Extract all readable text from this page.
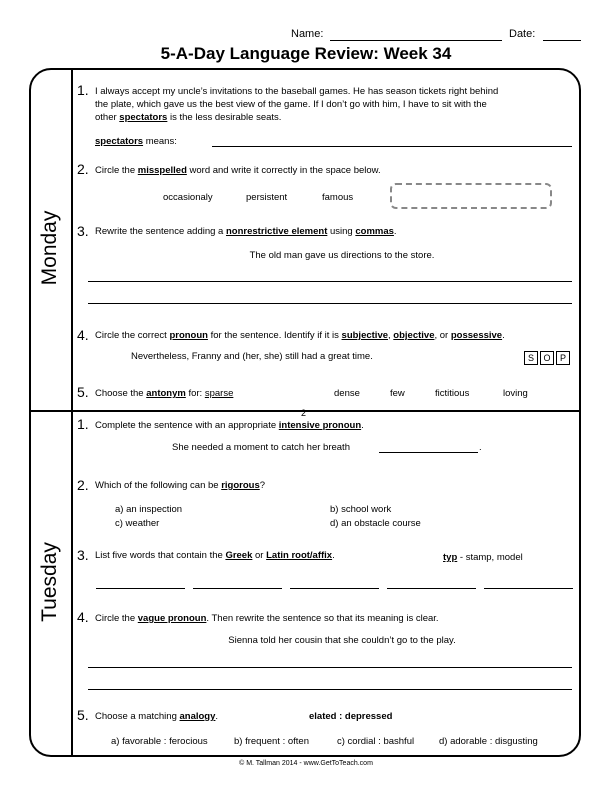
Name:	Date:
5-A-Day Language Review: Week 34
Monday
Tuesday
1. I always accept my uncle’s invitations to the baseball games. He has season tickets right behind
the plate, which gave us the best view of the game. If I don’t go with him, I have to sit with the
other spectators is the less desirable seats.
spectators means:
2. Circle the misspelled word and write it correctly in the space below.
occasionaly	persistent	famous
3. Rewrite the sentence adding a nonrestrictive element using commas.
The old man gave us directions to the store.
4. Circle the correct pronoun for the sentence. Identify if it is subjective, objective, or possessive.
Nevertheless, Franny and (her, she) still had a great time.	S O P
5. Choose the antonym for: sparse	dense	few	fictitious	loving
2
1. Complete the sentence with an appropriate intensive pronoun.
She needed a moment to catch her breath	.
2. Which of the following can be rigorous?
a) an inspection	b) school work
c) weather	d) an obstacle course
3. List five words that contain the Greek or Latin root/affix.	typ - stamp, model
4. Circle the vague pronoun. Then rewrite the sentence so that its meaning is clear.
Sienna told her cousin that she couldn’t go to the play.
5. Choose a matching analogy.	elated : depressed
a) favorable : ferocious	b) frequent : often	c) cordial : bashful	d) adorable : disgusting
© M. Tallman 2014 - www.GetToTeach.com
